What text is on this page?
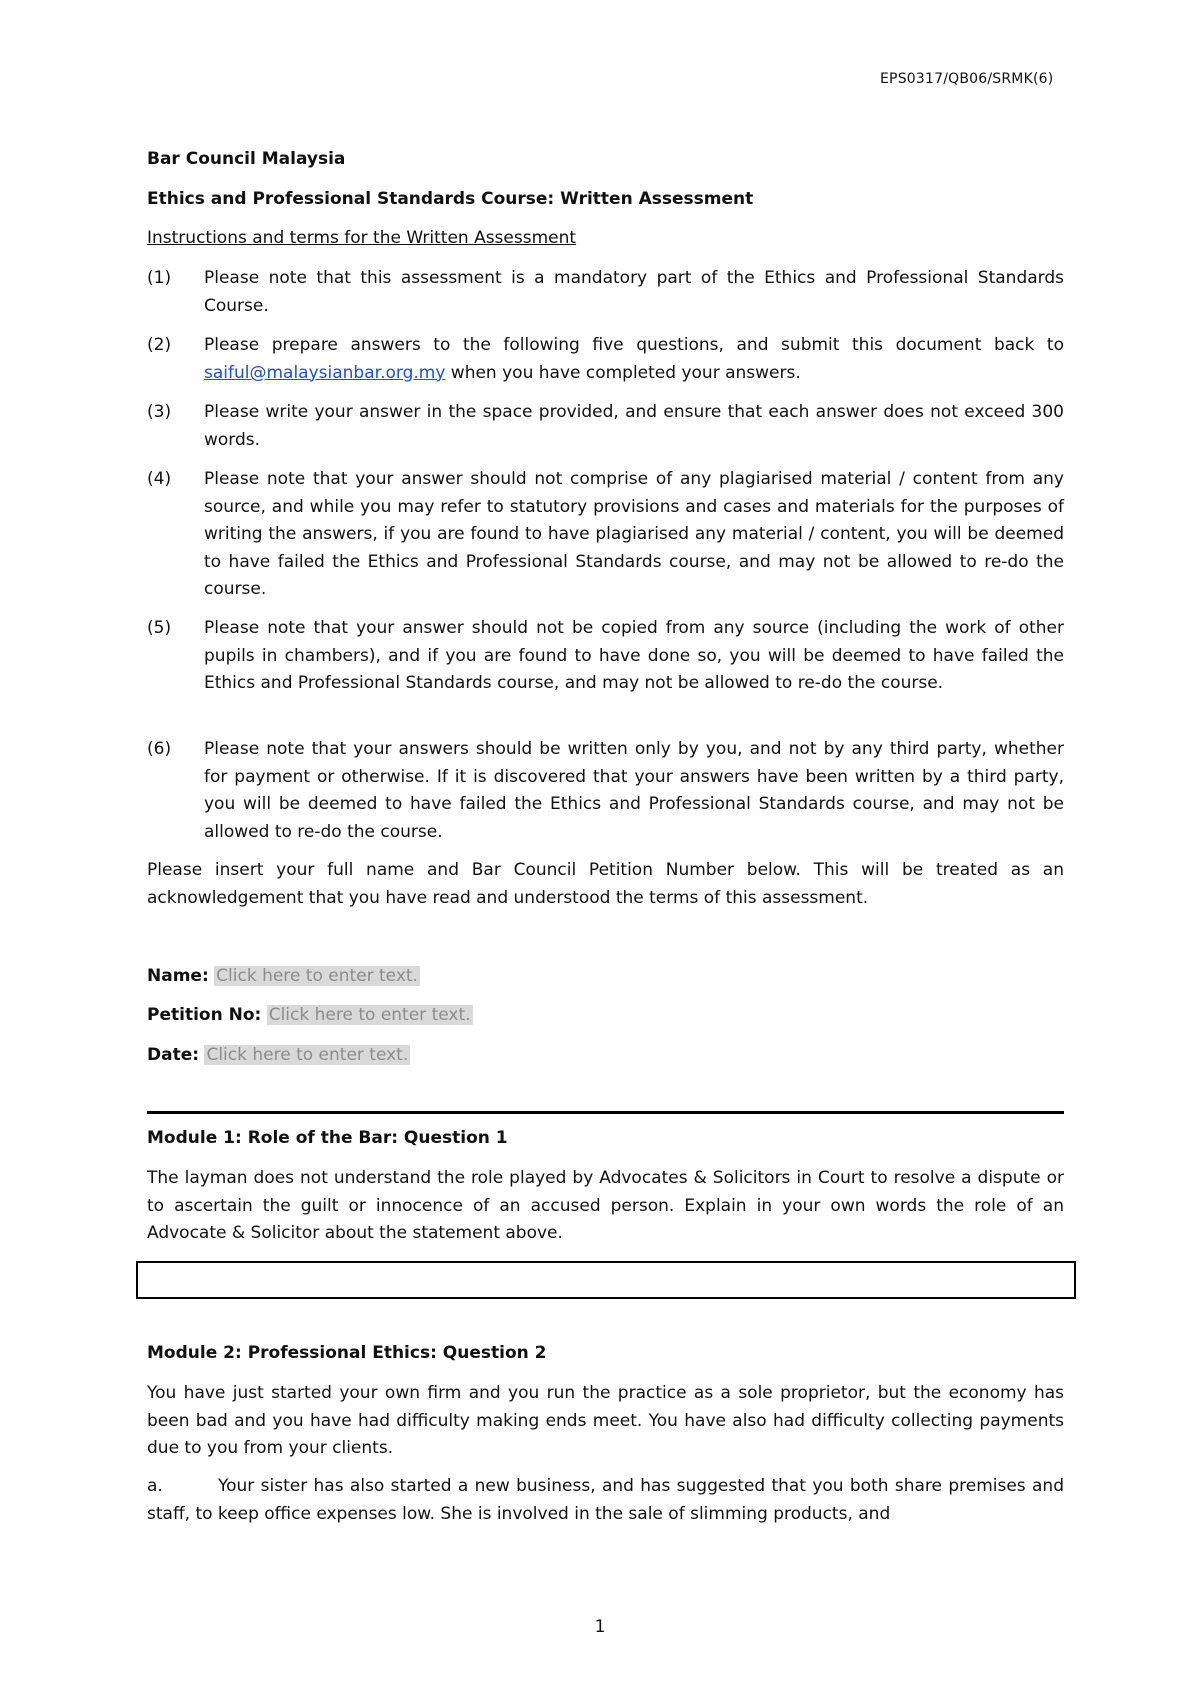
EPS0317/QB06/SRMK(6)
Bar Council Malaysia
Ethics and Professional Standards Course: Written Assessment
Instructions and terms for the Written Assessment
(1) Please note that this assessment is a mandatory part of the Ethics and Professional Standards Course.
(2) Please prepare answers to the following five questions, and submit this document back to saiful@malaysianbar.org.my when you have completed your answers.
(3) Please write your answer in the space provided, and ensure that each answer does not exceed 300 words.
(4) Please note that your answer should not comprise of any plagiarised material / content from any source, and while you may refer to statutory provisions and cases and materials for the purposes of writing the answers, if you are found to have plagiarised any material / content, you will be deemed to have failed the Ethics and Professional Standards course, and may not be allowed to re-do the course.
(5) Please note that your answer should not be copied from any source (including the work of other pupils in chambers), and if you are found to have done so, you will be deemed to have failed the Ethics and Professional Standards course, and may not be allowed to re-do the course.
(6) Please note that your answers should be written only by you, and not by any third party, whether for payment or otherwise. If it is discovered that your answers have been written by a third party, you will be deemed to have failed the Ethics and Professional Standards course, and may not be allowed to re-do the course.
Please insert your full name and Bar Council Petition Number below. This will be treated as an acknowledgement that you have read and understood the terms of this assessment.
Name: Click here to enter text.
Petition No: Click here to enter text.
Date: Click here to enter text.
Module 1: Role of the Bar: Question 1
The layman does not understand the role played by Advocates & Solicitors in Court to resolve a dispute or to ascertain the guilt or innocence of an accused person. Explain in your own words the role of an Advocate & Solicitor about the statement above.
Module 2: Professional Ethics: Question 2
You have just started your own firm and you run the practice as a sole proprietor, but the economy has been bad and you have had difficulty making ends meet. You have also had difficulty collecting payments due to you from your clients.
a.	Your sister has also started a new business, and has suggested that you both share premises and staff, to keep office expenses low. She is involved in the sale of slimming products, and
1
